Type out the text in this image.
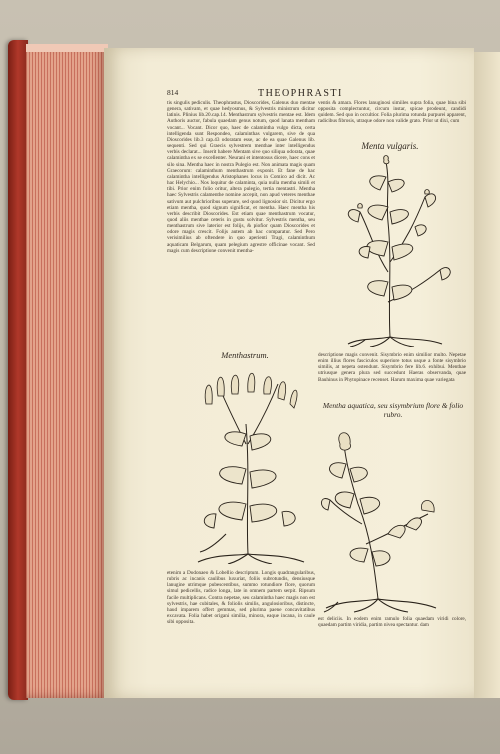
814	THEOPHRASTI
tis singulis pediculis. Theophrastus, Dioscorides, Galenus duo mentae genera, sativam, et quae hedyosmus, & Sylvestris ministrum dicitur latinis. Plinius lib.20.cap.14. Menthastrum sylvestris mentae est. Idem Authoris auctor, fabula quaedam genus notum, quod lanata mentham vocant... Vocant. Dicor quo, haec de calamintha vulgo dicta, certa intelligenda sunt Respondeo, calaminthas vulgarem, sive de qua Dioscorides lib.3 cap.43 odoratam esse, ac de ea quae Galenus lib. sequenti. Sed qui Graecis sylvestrem menthae inter intelligendus verbis declarat... Inserit habere Mentam sive quo siliqua odorata, quae calamintha ex se excellenter. Neurani et intentosus dicere, haec cons et silo sina. Mentha haec in nostra Pulegio est. Non animata magis quam Graecorum: calaminthum menthastrum exponit. Et fane de hac calamintha intelligendus Aristophanes locus in Comico ad dicit. Ac hac Helychio... Nos loquitur de calaminta, quia nulla mentha simili et tibi. Prior enim folio oritur, altera pulegio, tertia mentastri. Mentha haec Sylvestris calamenthe nomine accepit, non apud veteres menthae sativum aut pulchrioribus superare, sed quod lignosior sit. Dicitur ergo etiam mentha, quod signum significat, et mentha. Haec mentha his verbis describit Dioscorides. Est etiam quae menthastrum vocatur, quod aliis menthae ceteris in gustu solvitur. Sylvestris mentha, seu menthastrum sive laterior est folijs, & piofior quam Dioscorides et odore magis crescit. Folijs autem ab hac comparatur. Sed Pero verisimilius ab oftendere in quo aperienti Tragi, calaminthum aquaticam Belgarum, quam pelegium agrestre officinae vocant. Sed magis cum descriptione convenit mentha-
ventis & amara. Flores lanuginosi simiiles supra folia, quae bina sibi opposita complectuntur, circum instar, spicae prodeunt, candidi quidem. Sed quo in occultior. Folia plurima rotunda purpurei apparent, radicibus fibrosis, utraque odore non valide grato. Prior ut dixi, cum
Menta vulgaris.
Menthastrum.	descriptione magis convenit. Sisymbrio enim similior multo. Nepetae enim illius flores fasciculos superiore totus usque a fonte sisymbrio similis, at nepeta ostendunt. Sisymbrio fere lib.6. exhibui. Menthae utriusque genera plura sed succedunt Haeras observanda, quae Bauhinus in Phytopinace recenset. Harum maxima quae variegata
Mentha aquatica, seu sisymbrium flore & folio rubro.
etenim a Dodonaeo & Lobellio descriptum. Longis quadrangularibus, rubris ac incanis caulibus luxuriat, foliis subrotundis, densiusque lanugine utrimque pubescentibus, summo rotundiore flore, quorum simul pedicellis, radice longa, late in omnem partem serpit. Ripsum facile multiplicans. Contra nepetae, seu calamintha haec magis non est sylvestris, hae cubitales, & foliolis similis, angulosioribus, distincte, haud imparem offert gemmas, sed plurima paene concavitatibus excavata. Folia habet origani similia, minora, eaque incana, in caule sibi opposita.
est deliciis. In eodem enim ramulo folia quaedam viridi colore, quaedam partim viridia, partim nivea spectantur. dam
